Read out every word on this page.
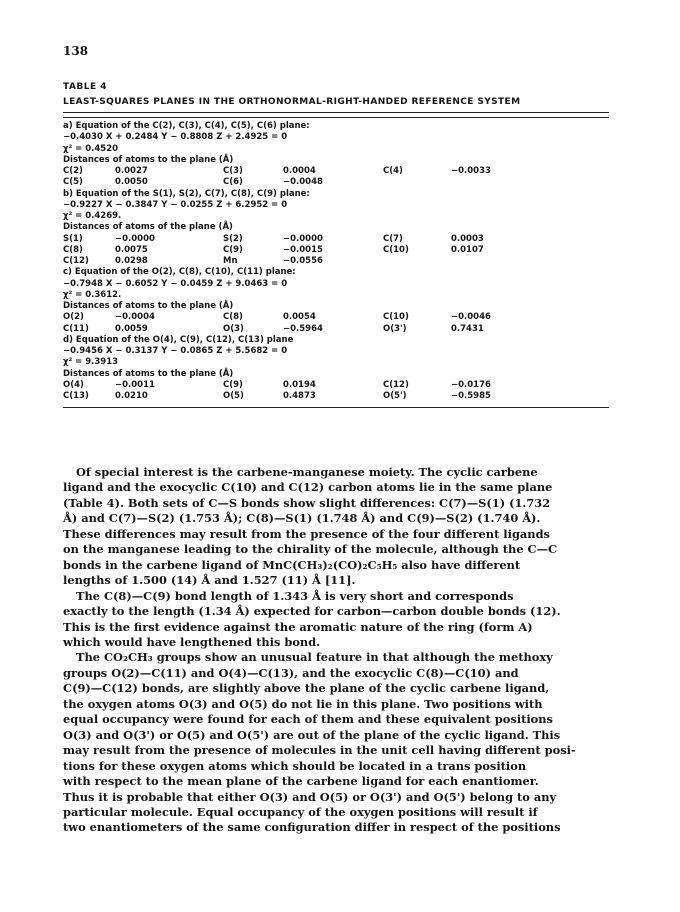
138
TABLE 4
LEAST-SQUARES PLANES IN THE ORTHONORMAL-RIGHT-HANDED REFERENCE SYSTEM
a) Equation of the C(2), C(3), C(4), C(5), C(6) plane:
−0.4030 X + 0.2484 Y − 0.8808 Z + 2.4925 = 0
χ² = 0.4520
Distances of atoms to the plane (Å)
C(2)	0.0027	C(3)	0.0004	C(4)	−0.0033
C(5)	0.0050	C(6)	−0.0048
b) Equation of the S(1), S(2), C(7), C(8), C(9) plane:
−0.9227 X − 0.3847 Y − 0.0255 Z + 6.2952 = 0
χ² = 0.4269.
Distances of atoms of the plane (Å)
S(1)	−0.0000	S(2)	−0.0000	C(7)	0.0003
C(8)	0.0075	C(9)	−0.0015	C(10)	0.0107
C(12)	0.0298	Mn	−0.0556
c) Equation of the O(2), C(8), C(10), C(11) plane:
−0.7948 X − 0.6052 Y − 0.0459 Z + 9.0463 = 0
χ² = 0.3612.
Distances of atoms to the plane (Å)
O(2)	−0.0004	C(8)	0.0054	C(10)	−0.0046
C(11)	0.0059	O(3)	−0.5964	O(3')	0.7431
d) Equation of the O(4), C(9), C(12), C(13) plane
−0.9456 X − 0.3137 Y − 0.0865 Z + 5.5682 = 0
χ² = 9.3913
Distances of atoms to the plane (Å)
O(4)	−0.0011	C(9)	0.0194	C(12)	−0.0176
C(13)	0.0210	O(5)	0.4873	O(5')	−0.5985

Of special interest is the carbene-manganese moiety. The cyclic carbene

ligand and the exocyclic C(10) and C(12) carbon atoms lie in the same plane

(Table 4). Both sets of C—S bonds show slight differences: C(7)—S(1) (1.732

Å) and C(7)—S(2) (1.753 Å); C(8)—S(1) (1.748 Å) and C(9)—S(2) (1.740 Å).

These differences may result from the presence of the four different ligands

on the manganese leading to the chirality of the molecule, although the C—C

bonds in the carbene ligand of MnC(CH₃)₂(CO)₂C₅H₅ also have different

lengths of 1.500 (14) Å and 1.527 (11) Å [11].

The C(8)—C(9) bond length of 1.343 Å is very short and corresponds

exactly to the length (1.34 Å) expected for carbon—carbon double bonds (12).

This is the first evidence against the aromatic nature of the ring (form A)

which would have lengthened this bond.

The CO₂CH₃ groups show an unusual feature in that although the methoxy

groups O(2)—C(11) and O(4)—C(13), and the exocyclic C(8)—C(10) and

C(9)—C(12) bonds, are slightly above the plane of the cyclic carbene ligand,

the oxygen atoms O(3) and O(5) do not lie in this plane. Two positions with

equal occupancy were found for each of them and these equivalent positions

O(3) and O(3') or O(5) and O(5') are out of the plane of the cyclic ligand. This

may result from the presence of molecules in the unit cell having different posi-

tions for these oxygen atoms which should be located in a trans position

with respect to the mean plane of the carbene ligand for each enantiomer.

Thus it is probable that either O(3) and O(5) or O(3') and O(5') belong to any

particular molecule. Equal occupancy of the oxygen positions will result if

two enantiometers of the same configuration differ in respect of the positions
